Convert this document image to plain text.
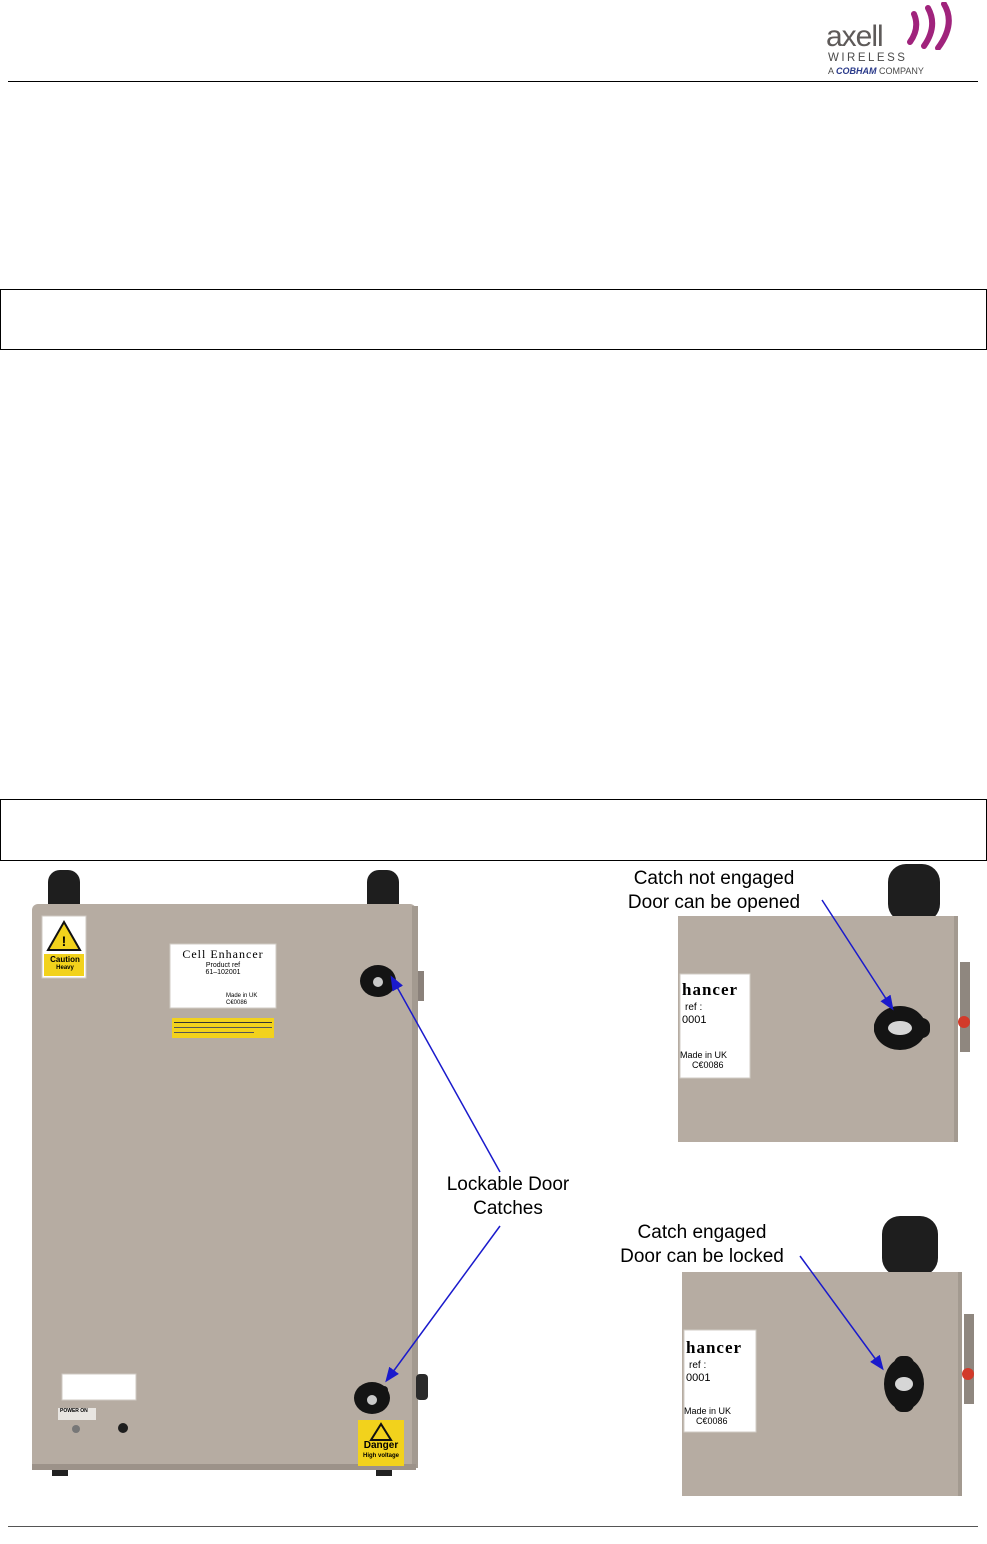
axell
WIRELESS
A COBHAM COMPANY
!
Caution
Heavy
Cell Enhancer
Product ref
61–102001
Made in UK
C€0086
POWER ON
Danger
High voltage
hancer
ref :
0001
Made in UK
C€0086
hancer
ref :
0001
Made in UK
C€0086
Catch not engaged
Door can be opened
Lockable Door
Catches
Catch engaged
Door can be locked
